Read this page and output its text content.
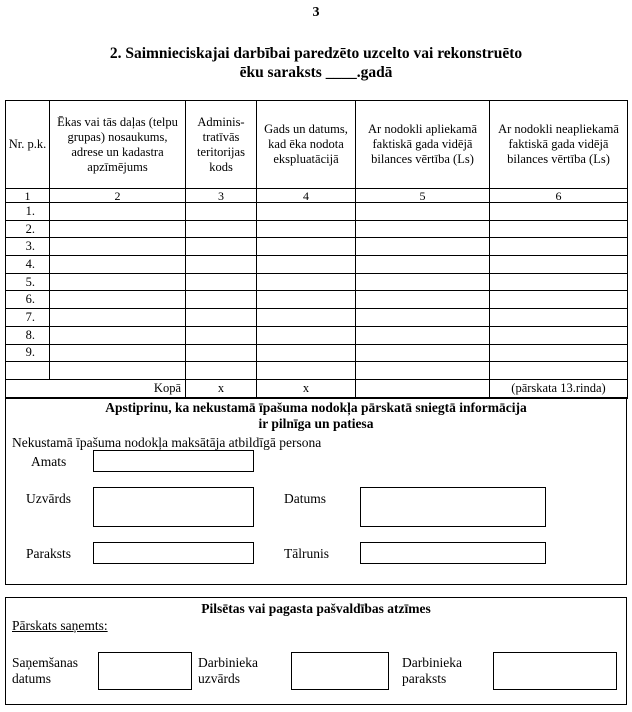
3
2. Saimnieciskajai darbībai paredzēto uzcelto vai rekonstruēto
ēku saraksts ____.gadā
Nr. p.k.	Ēkas vai tās daļas (telpu grupas) nosaukums, adrese un kadastra apzīmējums	Adminis-tratīvās teritorijas kods	Gads un datums, kad ēka nodota ekspluatācijā	Ar nodokli apliekamā faktiskā gada vidējā bilances vērtība (Ls)	Ar nodokli neapliekamā faktiskā gada vidējā bilances vērtība (Ls)
1	2	3	4	5	6
1.					
2.					
3.					
4.					
5.					
6.					
7.					
8.					
9.					

Kopā		x	x		(pārskata 13.rinda)
Apstiprinu, ka nekustamā īpašuma nodokļa pārskatā sniegtā informācija
ir pilnīga un patiesa
Nekustamā īpašuma nodokļa maksātāja atbildīgā persona
Amats
Uzvārds	Datums
Paraksts	Tālrunis
Pilsētas vai pagasta pašvaldības atzīmes
Pārskats saņemts:
Saņemšanas
datums
Darbinieka
uzvārds
Darbinieka
paraksts
